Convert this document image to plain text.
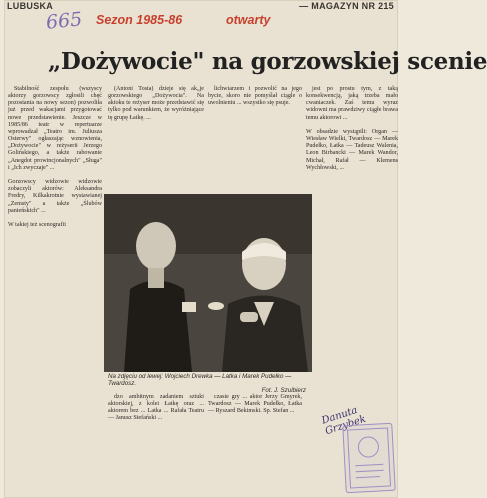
LUBUSKA	— MAGAZYN NR 215
665 Sezon 1985-86	otwarty
„Dożywocie" na gorzowskiej scenie

Stabilność zespołu (wszyscy aktorzy gorzowscy zgłosili chęć pozostania na nowy sezon) pozwoliła już przed wakacjami przygotować nowe przedstawienie. Jeszcze w 1985/86 teatr w repertuarze wprowadzał „Teatro im. Juliusza Osterwy" ogłaszając wznowienia, „Dożywocie" w reżyserii Jerzego Golińskiego, a także rabowanie „Anegdot prowincjonalnych" „Sługa" i „Ich zwyczaje" ...

Gorzowscy widzowie widzowie zobaczyli aktorów: Aleksandra Fredry, Kilkakrotnie wystawianej „Zemsty" a także „Ślubów panieńskich" ...

W takiej też scenografii

(Antoni Tosta) dzieje się ak„je gorzowskiego „Dożywocia". Na aktoku te reżyser może przedstawić się tylko pod warunkiem, że wyróżniające tę grupę Łatkę. ...

lichwiarzem i pozwolić na jego bycie, skoro nie pomyślał ciągle o uwolnieniu ... wszystko się psuje.

jest po prostu tym, z taką konsekwencją, jaką trzeba mało cwaniaczek. Zaś temu wyraz widowni ma prawdziwy ciągłe brawa temu aktorowi ...

W obsadzie wystąpili: Organ — Wiesław Wielki, Twardosz — Marek Pudełko, Łatka — Tadeusz Walenia, Leon Birbancki — Marek Wandor, Michał, Rafał — Klemens Wychłowski, ...

Na zdjęciu od lewej: Wojciech Drewka — Latka i Marek Pudełko — Twardosz.
Fot. J. Szulbierz

dzo ambitnym zadaniem sztuki aktorskiej, z kolei Łatkę oraz ... aktorem bez ... Latka ... Rafała Teatru — Janusz Stefański ...

czasie gry ... aktor Jerzy Gmyrek, Twardosz — Marek Pudełko, Łatka — Ryszard Bekimski. Sp. Stefan ...	Danuta Grzybek
